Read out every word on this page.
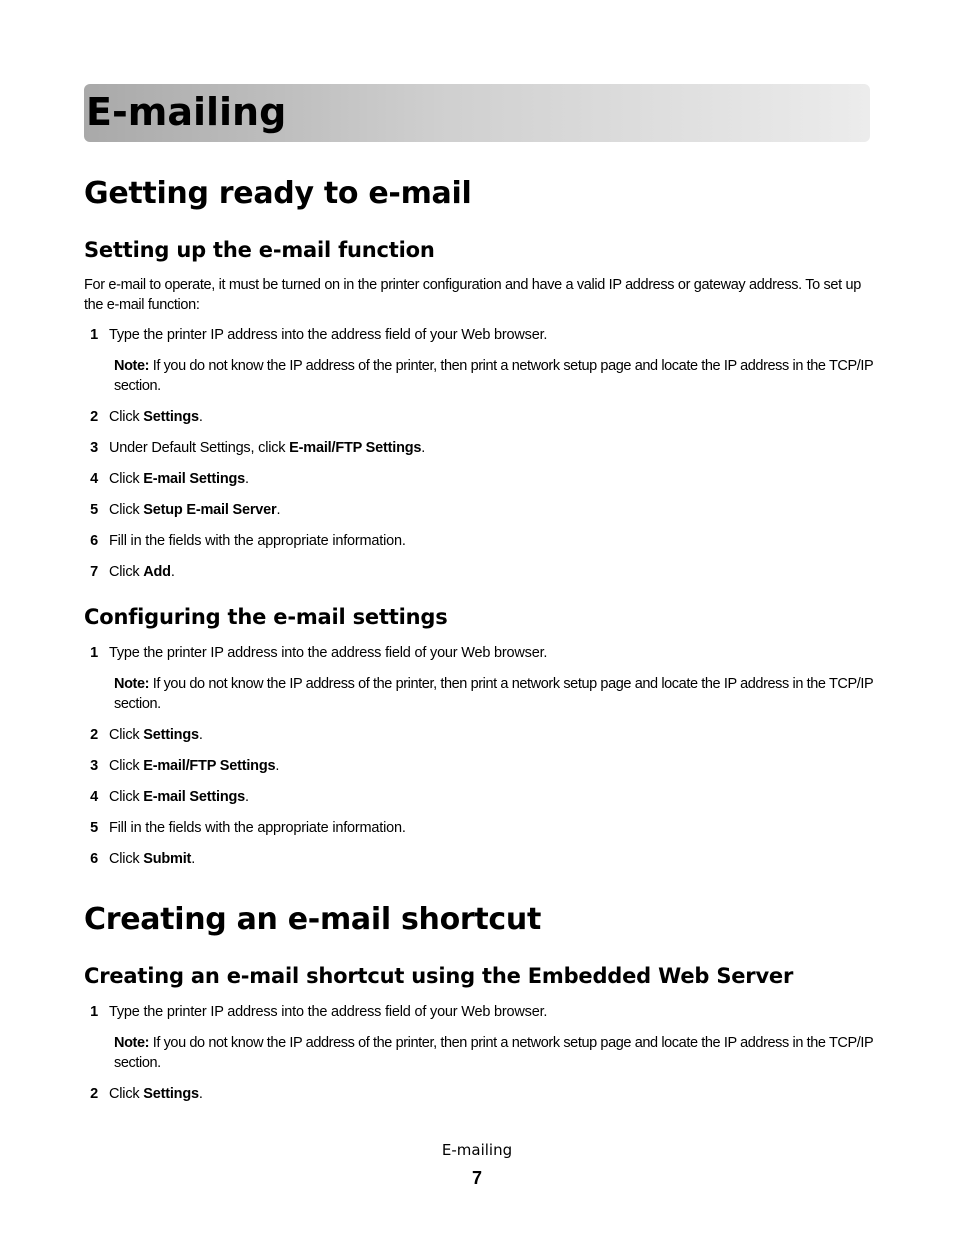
E-mailing
Getting ready to e-mail
Setting up the e-mail function

For e-mail to operate, it must be turned on in the printer configuration and have a valid IP address or gateway address. To set up the e-mail function:

1 Type the printer IP address into the address field of your Web browser.

Note: If you do not know the IP address of the printer, then print a network setup page and locate the IP address in the TCP/IP section.

2 Click Settings.
3 Under Default Settings, click E-mail/FTP Settings.
4 Click E-mail Settings.
5 Click Setup E-mail Server.
6 Fill in the fields with the appropriate information.
7 Click Add.
Configuring the e-mail settings
1 Type the printer IP address into the address field of your Web browser.

Note: If you do not know the IP address of the printer, then print a network setup page and locate the IP address in the TCP/IP section.

2 Click Settings.
3 Click E-mail/FTP Settings.
4 Click E-mail Settings.
5 Fill in the fields with the appropriate information.
6 Click Submit.
Creating an e-mail shortcut
Creating an e-mail shortcut using the Embedded Web Server
1 Type the printer IP address into the address field of your Web browser.

Note: If you do not know the IP address of the printer, then print a network setup page and locate the IP address in the TCP/IP section.

2 Click Settings.
E-mailing
7
